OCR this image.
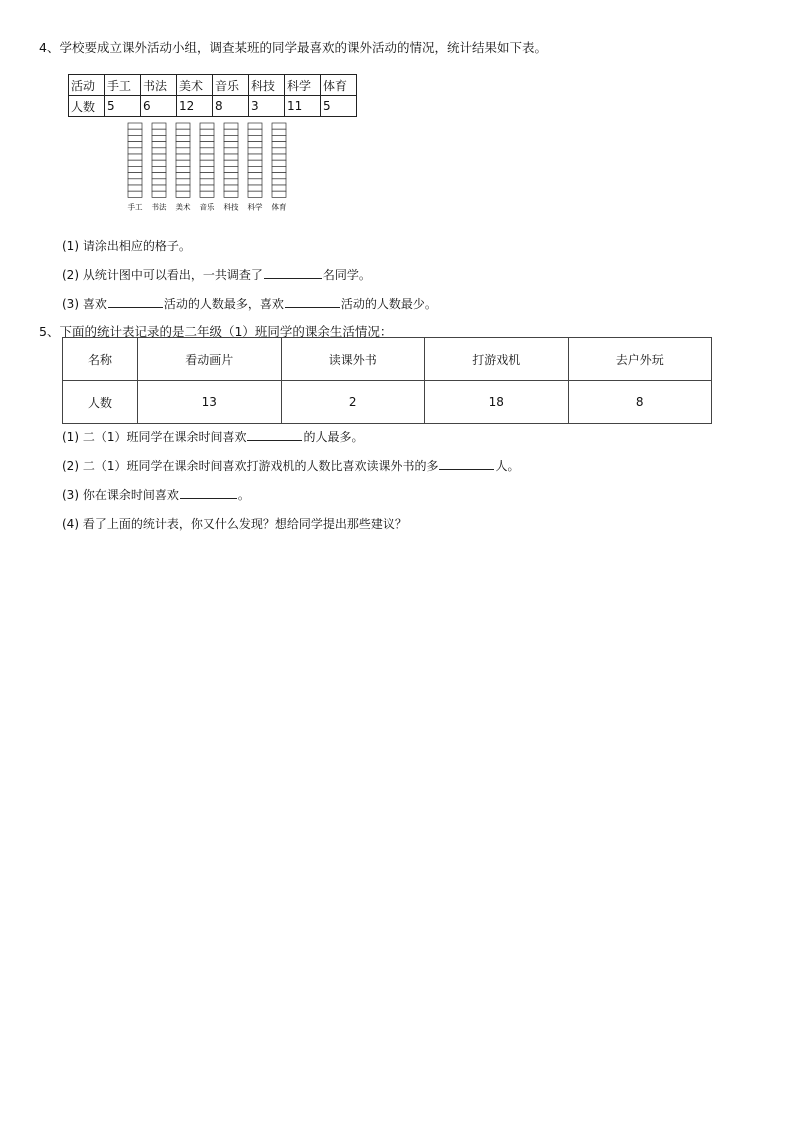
4、学校要成立课外活动小组，调查某班的同学最喜欢的课外活动的情况，统计结果如下表。
活动	手工	书法	美术	音乐	科技	科学	体育
人数	5	6	12	8	3	11	5
手工 书法 美术 音乐 科技 科学 体育
(1) 请涂出相应的格子。
(2) 从统计图中可以看出，一共调查了	名同学。
(3) 喜欢	活动的人数最多，喜欢	活动的人数最少。
5、下面的统计表记录的是二年级（1）班同学的课余生活情况：
名称	看动画片	读课外书	打游戏机	去户外玩
人数	13	2	18	8
(1) 二（1）班同学在课余时间喜欢	的人最多。
(2) 二（1）班同学在课余时间喜欢打游戏机的人数比喜欢读课外书的多	人。
(3) 你在课余时间喜欢	。
(4) 看了上面的统计表，你又什么发现？想给同学提出那些建议？
